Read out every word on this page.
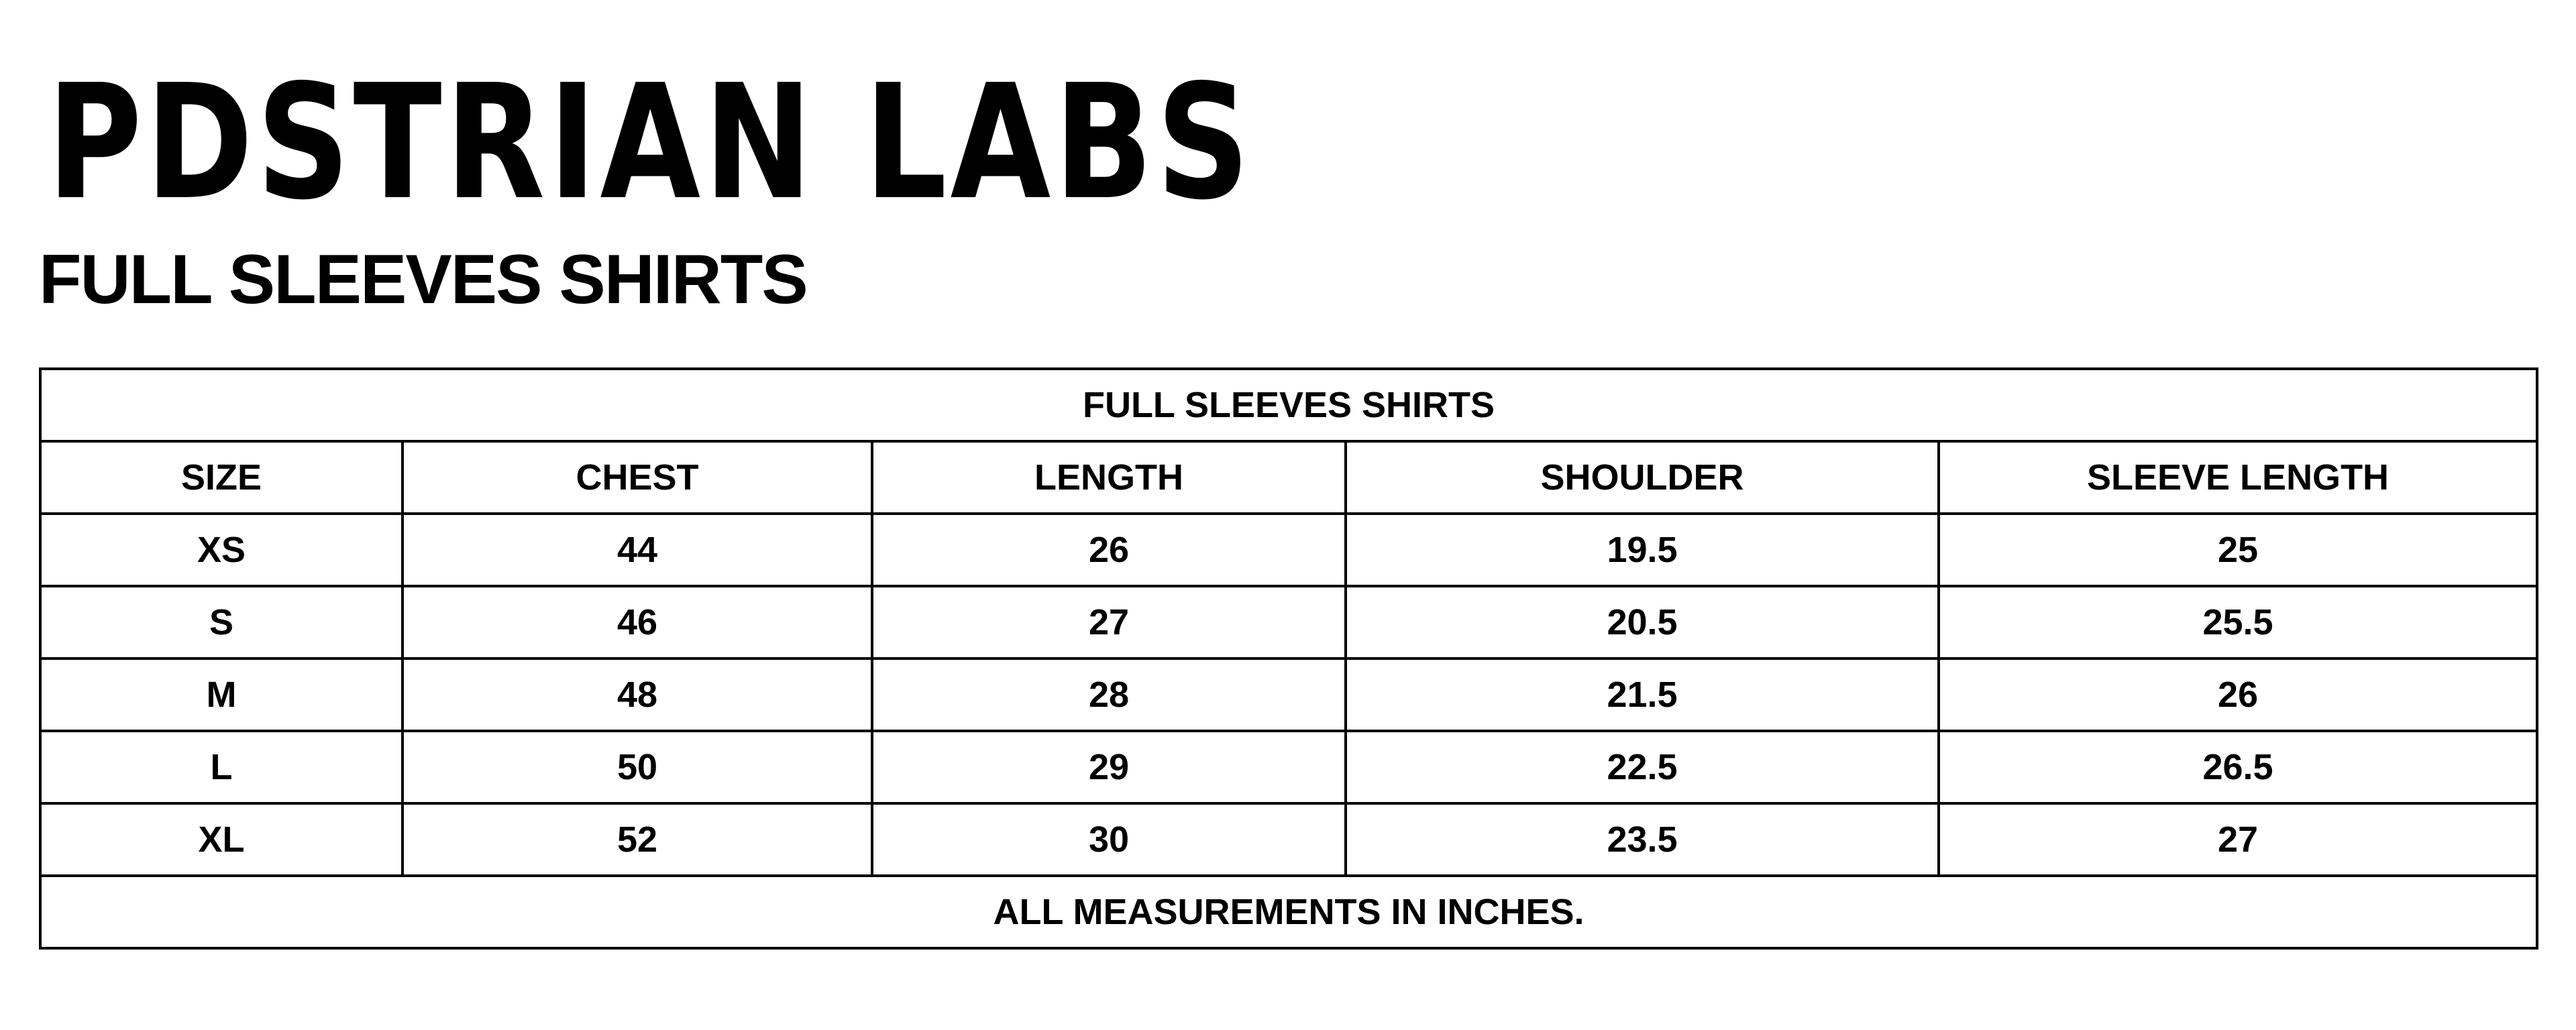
PDSTRIAN LABS
FULL SLEEVES SHIRTS
FULL SLEEVES SHIRTS				
SIZE	CHEST	LENGTH	SHOULDER	SLEEVE LENGTH
XS	44	26	19.5	25
S	46	27	20.5	25.5
M	48	28	21.5	26
L	50	29	22.5	26.5
XL	52	30	23.5	27
ALL MEASUREMENTS IN INCHES.				
